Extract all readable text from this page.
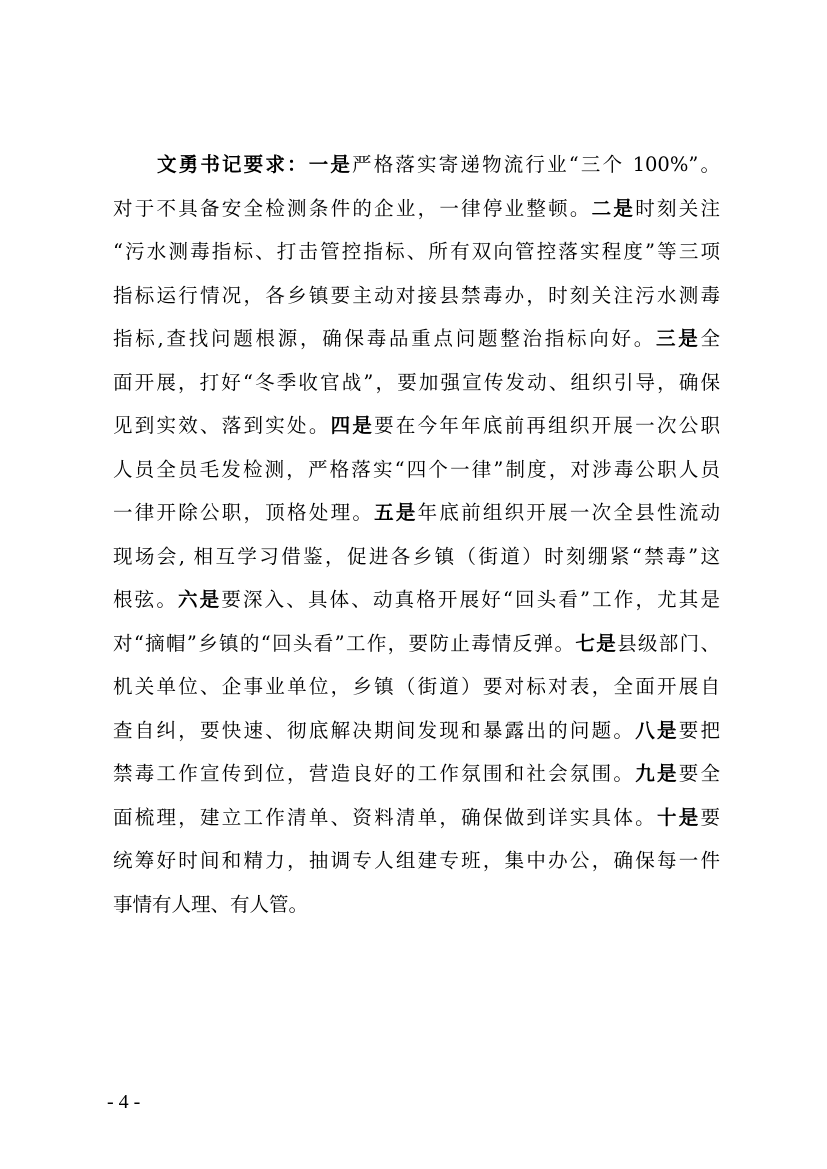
文勇书记要求：一是严格落实寄递物流行业“三个 100%”。
对于不具备安全检测条件的企业，一律停业整顿。二是时刻关注
“污水测毒指标、打击管控指标、所有双向管控落实程度”等三项
指标运行情况，各乡镇要主动对接县禁毒办，时刻关注污水测毒
指标,查找问题根源，确保毒品重点问题整治指标向好。三是全
面开展，打好“冬季收官战”，要加强宣传发动、组织引导，确保
见到实效、落到实处。四是要在今年年底前再组织开展一次公职
人员全员毛发检测，严格落实“四个一律”制度，对涉毒公职人员
一律开除公职，顶格处理。五是年底前组织开展一次全县性流动
现场会, 相互学习借鉴，促进各乡镇（街道）时刻绷紧“禁毒”这
根弦。六是要深入、具体、动真格开展好“回头看”工作，尤其是
对“摘帽”乡镇的“回头看”工作，要防止毒情反弹。七是县级部门、
机关单位、企事业单位，乡镇（街道）要对标对表，全面开展自
查自纠，要快速、彻底解决期间发现和暴露出的问题。八是要把
禁毒工作宣传到位，营造良好的工作氛围和社会氛围。九是要全
面梳理，建立工作清单、资料清单，确保做到详实具体。十是要
统筹好时间和精力，抽调专人组建专班，集中办公，确保每一件
事情有人理、有人管。
- 4 -
